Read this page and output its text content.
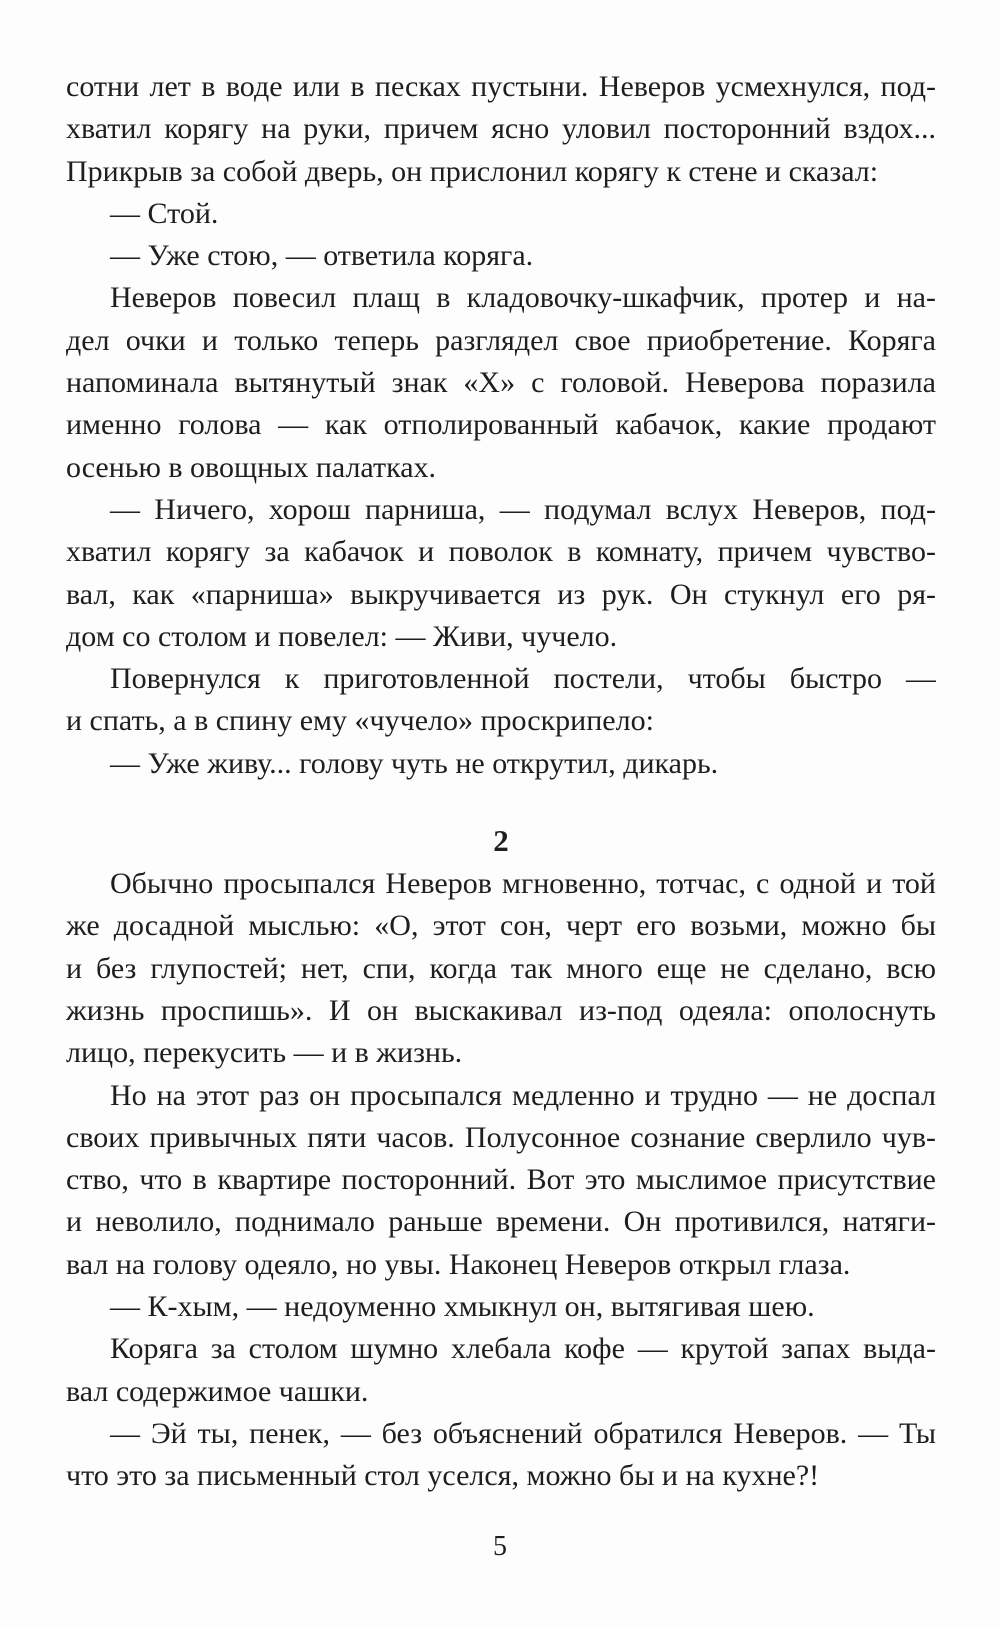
сотни лет в воде или в песках пустыни. Неверов усмехнулся, под-
хватил корягу на руки, причем ясно уловил посторонний вздох...
Прикрыв за собой дверь, он прислонил корягу к стене и сказал:
— Стой.
— Уже стою, — ответила коряга.
Неверов повесил плащ в кладовочку-шкафчик, протер и на-
дел очки и только теперь разглядел свое приобретение. Коряга
напоминала вытянутый знак «Х» с головой. Неверова поразила
именно голова — как отполированный кабачок, какие продают
осенью в овощных палатках.
— Ничего, хорош парниша, — подумал вслух Неверов, под-
хватил корягу за кабачок и поволок в комнату, причем чувство-
вал, как «парниша» выкручивается из рук. Он стукнул его ря-
дом со столом и повелел: — Живи, чучело.
Повернулся к приготовленной постели, чтобы быстро —
и спать, а в спину ему «чучело» проскрипело:
— Уже живу... голову чуть не открутил, дикарь.
2
Обычно просыпался Неверов мгновенно, тотчас, с одной и той
же досадной мыслью: «О, этот сон, черт его возьми, можно бы
и без глупостей; нет, спи, когда так много еще не сделано, всю
жизнь проспишь». И он выскакивал из-под одеяла: ополоснуть
лицо, перекусить — и в жизнь.
Но на этот раз он просыпался медленно и трудно — не доспал
своих привычных пяти часов. Полусонное сознание сверлило чув-
ство, что в квартире посторонний. Вот это мыслимое присутствие
и неволило, поднимало раньше времени. Он противился, натяги-
вал на голову одеяло, но увы. Наконец Неверов открыл глаза.
— К-хым, — недоуменно хмыкнул он, вытягивая шею.
Коряга за столом шумно хлебала кофе — крутой запах выда-
вал содержимое чашки.
— Эй ты, пенек, — без объяснений обратился Неверов. — Ты
что это за письменный стол уселся, можно бы и на кухне?!
5
